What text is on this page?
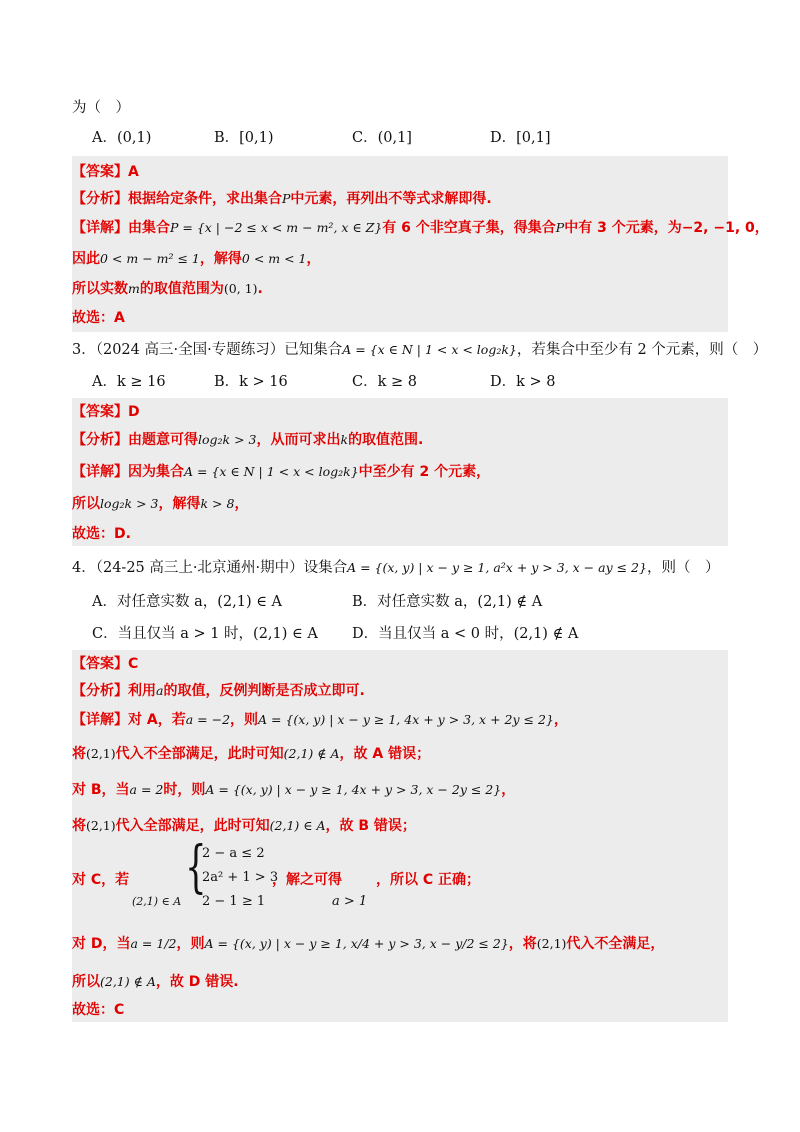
为（　）
A．(0,1)	B．[0,1)	C．(0,1]	D．[0,1]
【答案】A
【分析】根据给定条件，求出集合P中元素，再列出不等式求解即得.
【详解】由集合P = {x | −2 ≤ x < m − m², x ∈ Z}有 6 个非空真子集，得集合P中有 3 个元素，为−2, −1, 0，
因此0 < m − m² ≤ 1，解得0 < m < 1，
所以实数m的取值范围为(0, 1).
故选：A
3．（2024 高三·全国·专题练习）已知集合A = {x ∈ N | 1 < x < log₂k}，若集合中至少有 2 个元素，则（　）
A．k ≥ 16	B．k > 16	C．k ≥ 8	D．k > 8
【答案】D
【分析】由题意可得log₂k > 3，从而可求出k的取值范围.
【详解】因为集合A = {x ∈ N | 1 < x < log₂k}中至少有 2 个元素，
所以log₂k > 3，解得k > 8，
故选：D.
4．（24-25 高三上·北京通州·期中）设集合A = {(x, y) | x − y ≥ 1, a²x + y > 3, x − ay ≤ 2}，则（　）
A．对任意实数 a，(2,1) ∈ A	B．对任意实数 a，(2,1) ∉ A
C．当且仅当 a > 1 时，(2,1) ∈ A D．当且仅当 a < 0 时，(2,1) ∉ A
【答案】C
【分析】利用a的取值，反例判断是否成立即可.
【详解】对 A，若a = −2，则A = {(x, y) | x − y ≥ 1, 4x + y > 3, x + 2y ≤ 2}，
将(2,1)代入不全部满足，此时可知(2,1) ∉ A，故 A 错误；
对 B，当a = 2时，则A = {(x, y) | x − y ≥ 1, 4x + y > 3, x − 2y ≤ 2}，
将(2,1)代入全部满足，此时可知(2,1) ∈ A，故 B 错误；
对 C，若
(2,1) ∈ A
{
2 − a ≤ 2
2a² + 1 > 3
2 − 1 ≥ 1
，解之可得
a > 1
，所以 C 正确；
对 D，当a = 1/2，则A = {(x, y) | x − y ≥ 1, x/4 + y > 3, x − y/2 ≤ 2}，将(2,1)代入不全满足，
所以(2,1) ∉ A，故 D 错误.
故选：C
